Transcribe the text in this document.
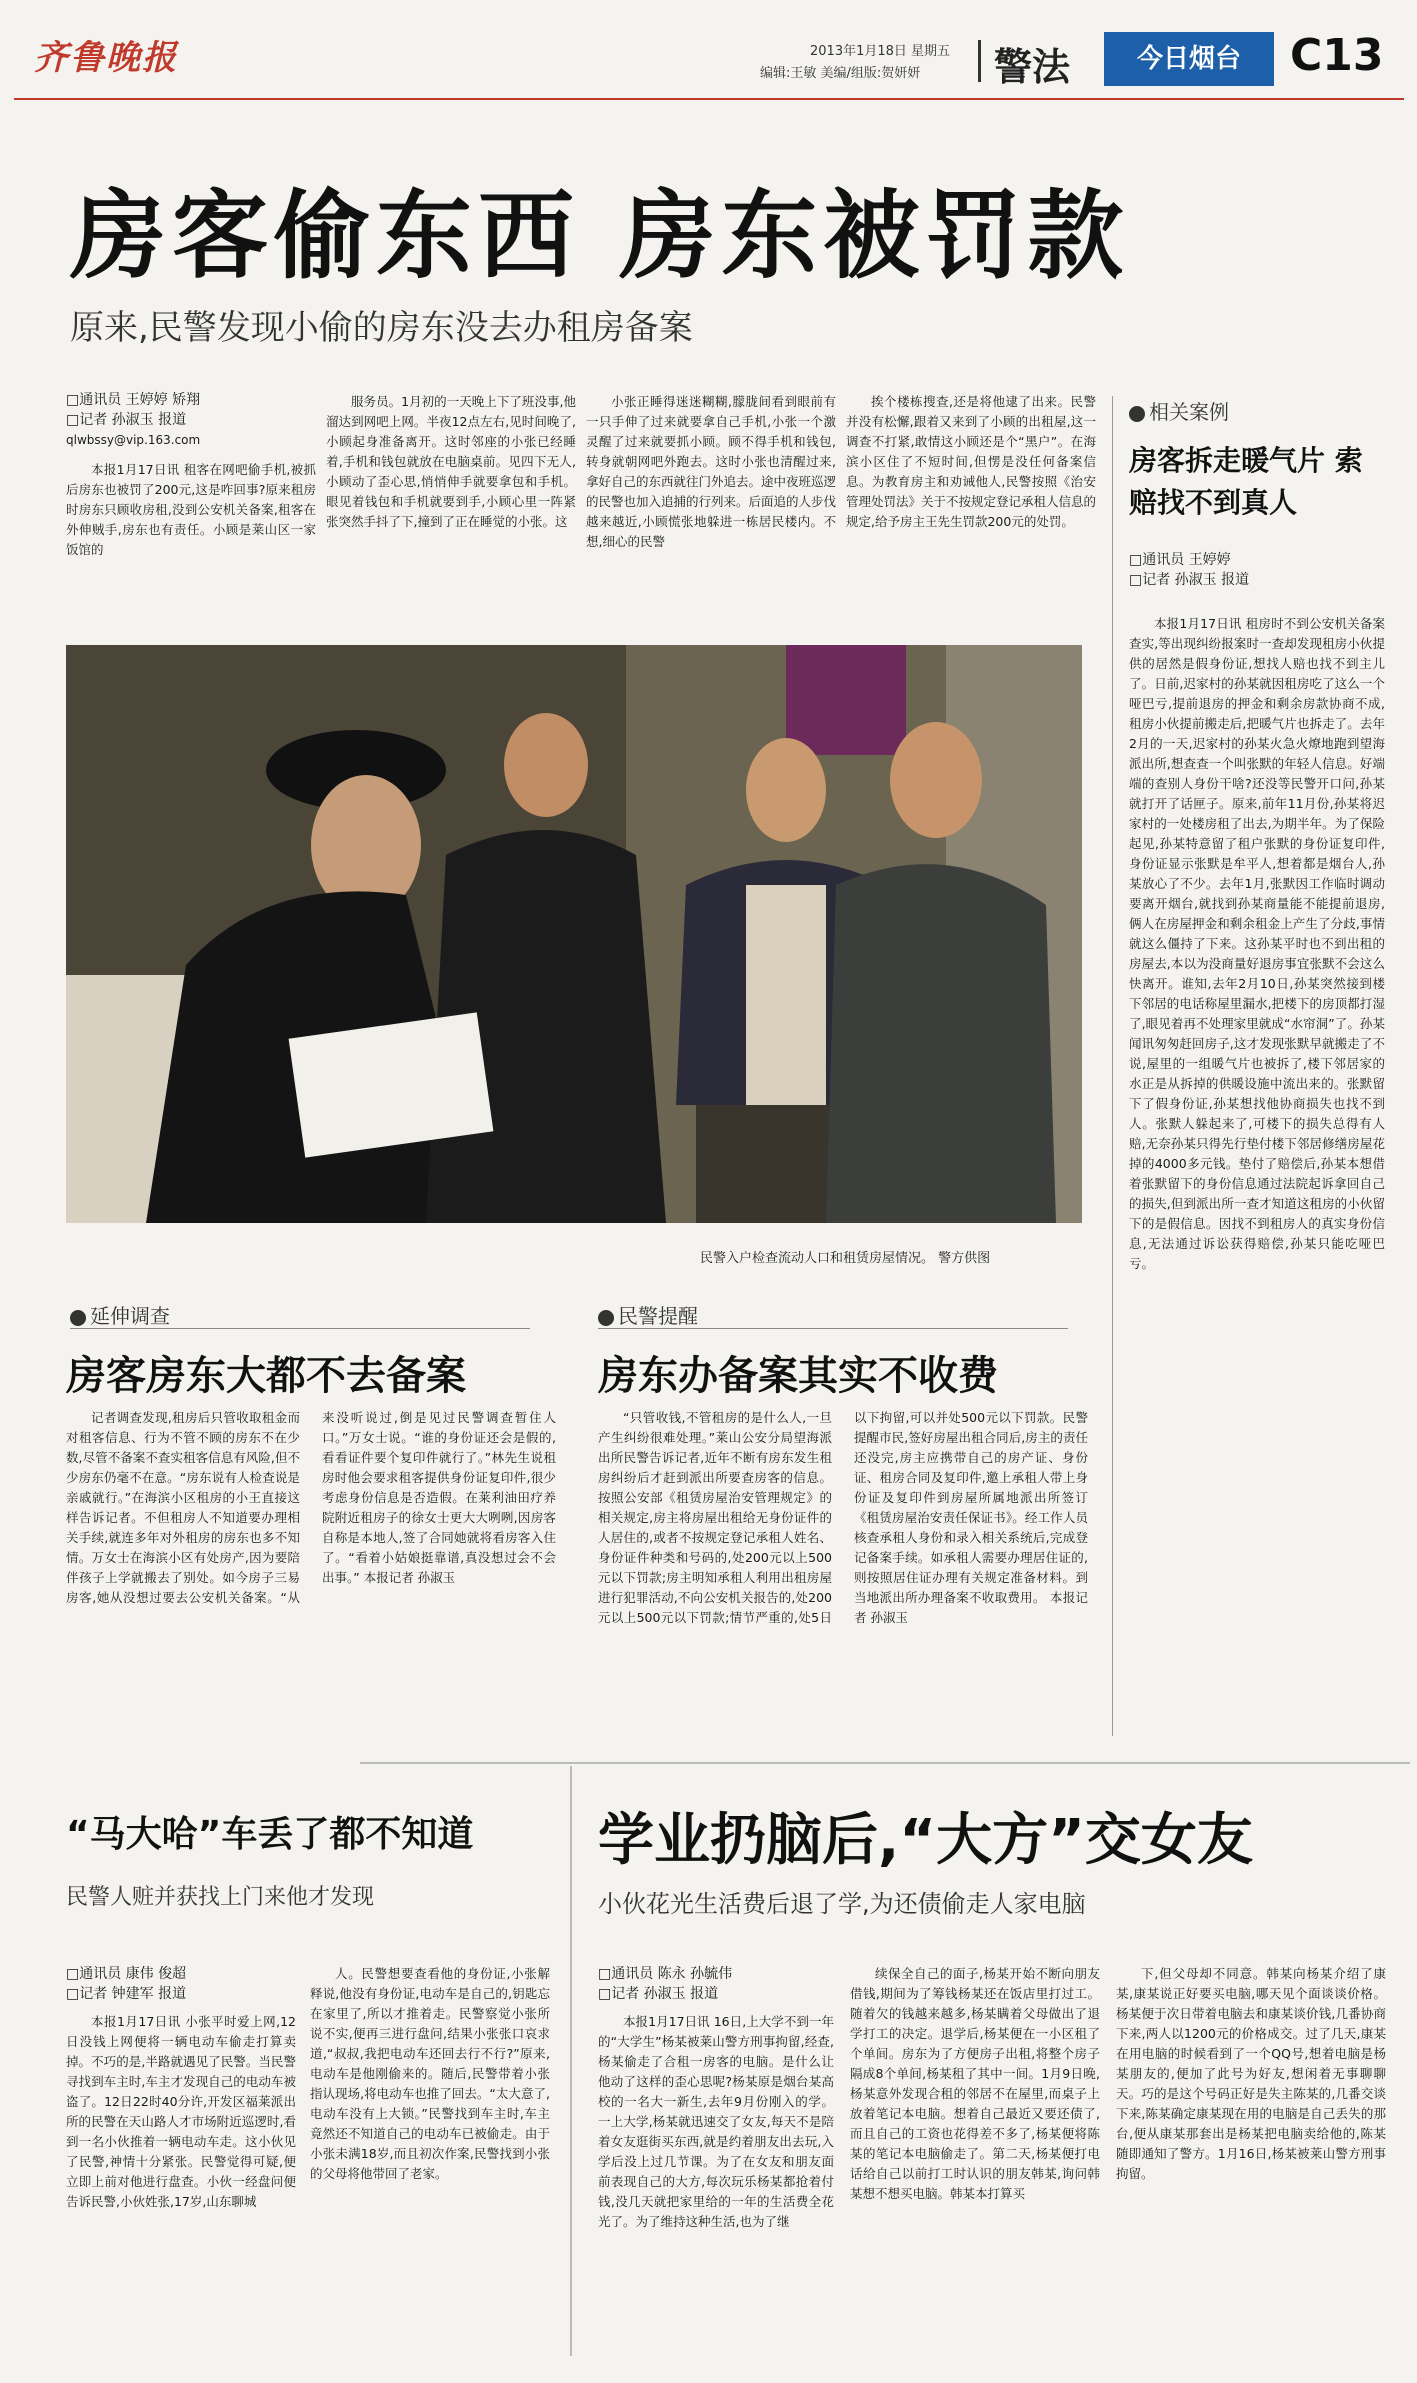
齐鲁晚报	2013年1月18日 星期五
编辑:王敏 美编/组版:贺妍妍 警法	今日烟台	C13
房客偷东西 房东被罚款
原来,民警发现小偷的房东没去办租房备案
□通讯员 王婷婷 矫翔
□记者 孙淑玉 报道
qlwbssy@vip.163.com

本报1月17日讯 租客在网吧偷手机,被抓后房东也被罚了200元,这是咋回事?原来租房时房东只顾收房租,没到公安机关备案,租客在外伸贼手,房东也有责任。小顾是莱山区一家饭馆的

服务员。1月初的一天晚上下了班没事,他溜达到网吧上网。半夜12点左右,见时间晚了,小顾起身准备离开。这时邻座的小张已经睡着,手机和钱包就放在电脑桌前。见四下无人,小顾动了歪心思,悄悄伸手就要拿包和手机。眼见着钱包和手机就要到手,小顾心里一阵紧张突然手抖了下,撞到了正在睡觉的小张。这

小张正睡得迷迷糊糊,朦胧间看到眼前有一只手伸了过来就要拿自己手机,小张一个激灵醒了过来就要抓小顾。顾不得手机和钱包,转身就朝网吧外跑去。这时小张也清醒过来,拿好自己的东西就往门外追去。途中夜班巡逻的民警也加入追捕的行列来。后面追的人步伐越来越近,小顾慌张地躲进一栋居民楼内。不想,细心的民警

挨个楼栋搜查,还是将他逮了出来。民警并没有松懈,跟着又来到了小顾的出租屋,这一调查不打紧,敢情这小顾还是个“黑户”。在海滨小区住了不短时间,但愣是没任何备案信息。为教育房主和劝诫他人,民警按照《治安管理处罚法》关于不按规定登记承租人信息的规定,给予房主王先生罚款200元的处罚。

民警入户检查流动人口和租赁房屋情况。 警方供图
相关案例
房客拆走暖气片 索赔找不到真人
□通讯员 王婷婷
□记者 孙淑玉 报道

本报1月17日讯 租房时不到公安机关备案查实,等出现纠纷报案时一查却发现租房小伙提供的居然是假身份证,想找人赔也找不到主儿了。日前,迟家村的孙某就因租房吃了这么一个哑巴亏,提前退房的押金和剩余房款协商不成,租房小伙提前搬走后,把暖气片也拆走了。去年2月的一天,迟家村的孙某火急火燎地跑到望海派出所,想查查一个叫张默的年轻人信息。好端端的查别人身份干啥?还没等民警开口问,孙某就打开了话匣子。原来,前年11月份,孙某将迟家村的一处楼房租了出去,为期半年。为了保险起见,孙某特意留了租户张默的身份证复印件,身份证显示张默是牟平人,想着都是烟台人,孙某放心了不少。去年1月,张默因工作临时调动要离开烟台,就找到孙某商量能不能提前退房,俩人在房屋押金和剩余租金上产生了分歧,事情就这么僵持了下来。这孙某平时也不到出租的房屋去,本以为没商量好退房事宜张默不会这么快离开。谁知,去年2月10日,孙某突然接到楼下邻居的电话称屋里漏水,把楼下的房顶都打湿了,眼见着再不处理家里就成“水帘洞”了。孙某闻讯匆匆赶回房子,这才发现张默早就搬走了不说,屋里的一组暖气片也被拆了,楼下邻居家的水正是从拆掉的供暖设施中流出来的。张默留下了假身份证,孙某想找他协商损失也找不到人。张默人躲起来了,可楼下的损失总得有人赔,无奈孙某只得先行垫付楼下邻居修缮房屋花掉的4000多元钱。垫付了赔偿后,孙某本想借着张默留下的身份信息通过法院起诉拿回自己的损失,但到派出所一查才知道这租房的小伙留下的是假信息。因找不到租房人的真实身份信息,无法通过诉讼获得赔偿,孙某只能吃哑巴亏。

延伸调查
房客房东大都不去备案

记者调查发现,租房后只管收取租金而对租客信息、行为不管不顾的房东不在少数,尽管不备案不查实租客信息有风险,但不少房东仍毫不在意。“房东说有人检查说是亲戚就行。”在海滨小区租房的小王直接这样告诉记者。不但租房人不知道要办理相关手续,就连多年对外租房的房东也多不知情。万女士在海滨小区有处房产,因为要陪伴孩子上学就搬去了别处。如今房子三易房客,她从没想过要去公安机关备案。“从来没听说过,倒是见过民警调查暂住人口。”万女士说。“谁的身份证还会是假的,看看证件要个复印件就行了。”林先生说租房时他会要求租客提供身份证复印件,很少考虑身份信息是否造假。在莱利油田疗养院附近租房子的徐女士更大大咧咧,因房客自称是本地人,签了合同她就将看房客入住了。“看着小姑娘挺靠谱,真没想过会不会出事。” 本报记者 孙淑玉

民警提醒
房东办备案其实不收费

“只管收钱,不管租房的是什么人,一旦产生纠纷很难处理。”莱山公安分局望海派出所民警告诉记者,近年不断有房东发生租房纠纷后才赶到派出所要查房客的信息。按照公安部《租赁房屋治安管理规定》的相关规定,房主将房屋出租给无身份证件的人居住的,或者不按规定登记承租人姓名、身份证件种类和号码的,处200元以上500元以下罚款;房主明知承租人利用出租房屋进行犯罪活动,不向公安机关报告的,处200元以上500元以下罚款;情节严重的,处5日以下拘留,可以并处500元以下罚款。民警提醒市民,签好房屋出租合同后,房主的责任还没完,房主应携带自己的房产证、身份证、租房合同及复印件,邀上承租人带上身份证及复印件到房屋所属地派出所签订《租赁房屋治安责任保证书》。经工作人员核查承租人身份和录入相关系统后,完成登记备案手续。如承租人需要办理居住证的,则按照居住证办理有关规定准备材料。到当地派出所办理备案不收取费用。 本报记者 孙淑玉

“马大哈”车丢了都不知道
民警人赃并获找上门来他才发现
□通讯员 康伟 俊超
□记者 钟建军 报道

本报1月17日讯 小张平时爱上网,12日没钱上网便将一辆电动车偷走打算卖掉。不巧的是,半路就遇见了民警。当民警寻找到车主时,车主才发现自己的电动车被盗了。12日22时40分许,开发区福莱派出所的民警在天山路人才市场附近巡逻时,看到一名小伙推着一辆电动车走。这小伙见了民警,神情十分紧张。民警觉得可疑,便立即上前对他进行盘查。小伙一经盘问便告诉民警,小伙姓张,17岁,山东聊城

人。民警想要查看他的身份证,小张解释说,他没有身份证,电动车是自己的,钥匙忘在家里了,所以才推着走。民警察觉小张所说不实,便再三进行盘问,结果小张张口哀求道,“叔叔,我把电动车还回去行不行?”原来,电动车是他刚偷来的。随后,民警带着小张指认现场,将电动车也推了回去。“太大意了,电动车没有上大锁。”民警找到车主时,车主竟然还不知道自己的电动车已被偷走。由于小张未满18岁,而且初次作案,民警找到小张的父母将他带回了老家。

学业扔脑后,“大方”交女友
小伙花光生活费后退了学,为还债偷走人家电脑
□通讯员 陈永 孙毓伟
□记者 孙淑玉 报道

本报1月17日讯 16日,上大学不到一年的“大学生”杨某被莱山警方刑事拘留,经查,杨某偷走了合租一房客的电脑。是什么让他动了这样的歪心思呢?杨某原是烟台某高校的一名大一新生,去年9月份刚入的学。一上大学,杨某就迅速交了女友,每天不是陪着女友逛街买东西,就是约着朋友出去玩,入学后没上过几节课。为了在女友和朋友面前表现自己的大方,每次玩乐杨某都抢着付钱,没几天就把家里给的一年的生活费全花光了。为了维持这种生活,也为了继

续保全自己的面子,杨某开始不断向朋友借钱,期间为了筹钱杨某还在饭店里打过工。随着欠的钱越来越多,杨某瞒着父母做出了退学打工的决定。退学后,杨某便在一小区租了个单间。房东为了方便房子出租,将整个房子隔成8个单间,杨某租了其中一间。1月9日晚,杨某意外发现合租的邻居不在屋里,而桌子上放着笔记本电脑。想着自己最近又要还债了,而且自己的工资也花得差不多了,杨某便将陈某的笔记本电脑偷走了。第二天,杨某便打电话给自己以前打工时认识的朋友韩某,询问韩某想不想买电脑。韩某本打算买

下,但父母却不同意。韩某向杨某介绍了康某,康某说正好要买电脑,哪天见个面谈谈价格。杨某便于次日带着电脑去和康某谈价钱,几番协商下来,两人以1200元的价格成交。过了几天,康某在用电脑的时候看到了一个QQ号,想着电脑是杨某朋友的,便加了此号为好友,想闲着无事聊聊天。巧的是这个号码正好是失主陈某的,几番交谈下来,陈某确定康某现在用的电脑是自己丢失的那台,便从康某那套出是杨某把电脑卖给他的,陈某随即通知了警方。1月16日,杨某被莱山警方刑事拘留。
